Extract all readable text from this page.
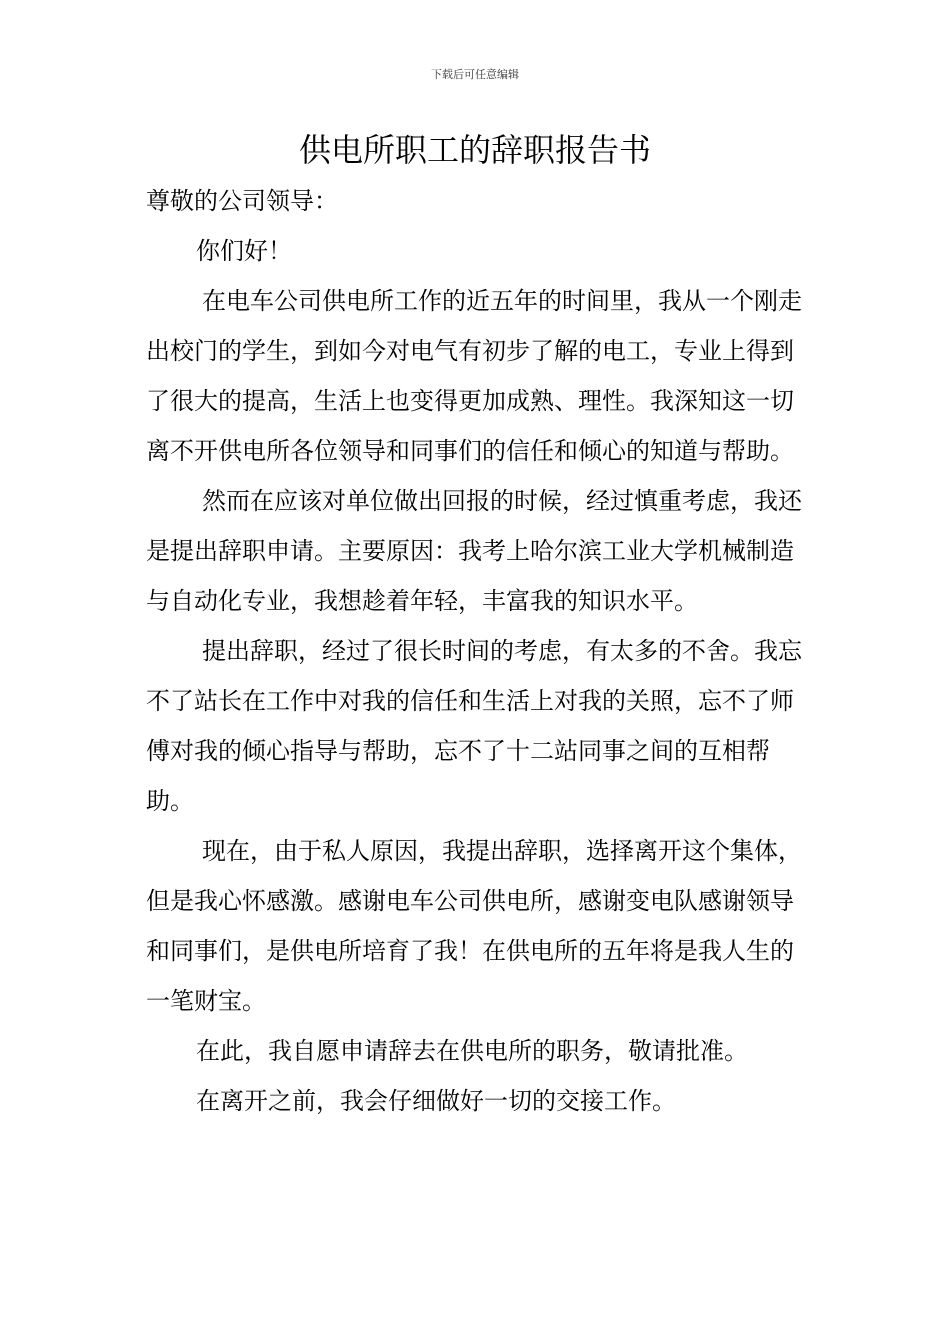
下载后可任意编辑
供电所职工的辞职报告书

尊敬的公司领导：

你们好！

在电车公司供电所工作的近五年的时间里，我从一个刚走出校门的学生，到如今对电气有初步了解的电工，专业上得到了很大的提高，生活上也变得更加成熟、理性。我深知这一切离不开供电所各位领导和同事们的信任和倾心的知道与帮助。

然而在应该对单位做出回报的时候，经过慎重考虑，我还是提出辞职申请。主要原因：我考上哈尔滨工业大学机械制造与自动化专业，我想趁着年轻，丰富我的知识水平。

提出辞职，经过了很长时间的考虑，有太多的不舍。我忘不了站长在工作中对我的信任和生活上对我的关照，忘不了师傅对我的倾心指导与帮助，忘不了十二站同事之间的互相帮助。

现在，由于私人原因，我提出辞职，选择离开这个集体，但是我心怀感激。感谢电车公司供电所，感谢变电队感谢领导和同事们，是供电所培育了我！在供电所的五年将是我人生的一笔财宝。

在此，我自愿申请辞去在供电所的职务，敬请批准。

在离开之前，我会仔细做好一切的交接工作。
